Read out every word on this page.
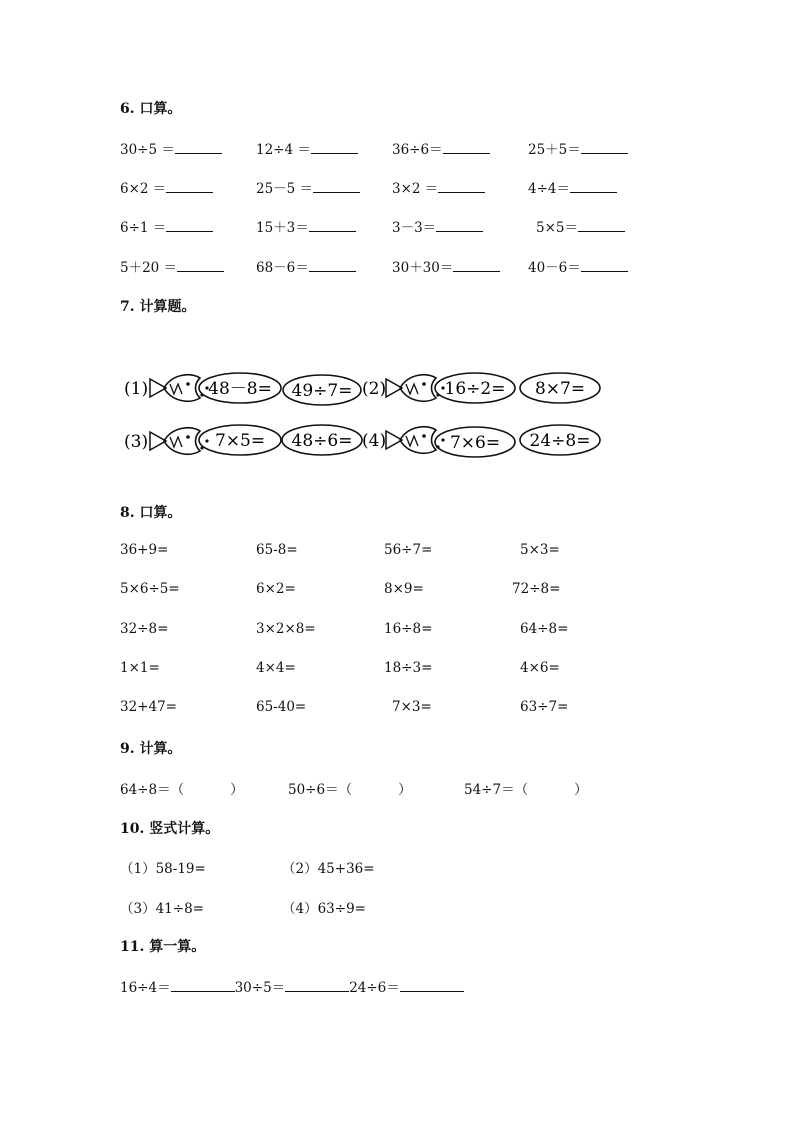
6. 口算。
30÷5 ＝	12÷4 ＝	36÷6＝	25＋5＝
6×2 ＝	25－5 ＝	3×2 ＝	4÷4＝
6÷1 ＝	15＋3＝	3－3＝	5×5＝
5＋20 ＝	68－6＝	30＋30＝	40－6＝
7. 计算题。
(1)	48－8= 49÷7= (2)	16÷2= 8×7=
(3)	7×5= 48÷6= (4)	7×6= 24÷8=
8. 口算。
36+9=	65-8=	56÷7=	5×3=
5×6÷5=	6×2=	8×9=	72÷8=
32÷8=	3×2×8=	16÷8=	64÷8=
1×1=	4×4=	18÷3=	4×6=
32+47=	65-40=	7×3=	63÷7=
9. 计算。
64÷8＝（	）	50÷6＝（	）	54÷7＝（	）
10. 竖式计算。
（1）58-19=	（2）45+36=
（3）41÷8=	（4）63÷9=
11. 算一算。
16÷4＝	30÷5＝	24÷6＝
